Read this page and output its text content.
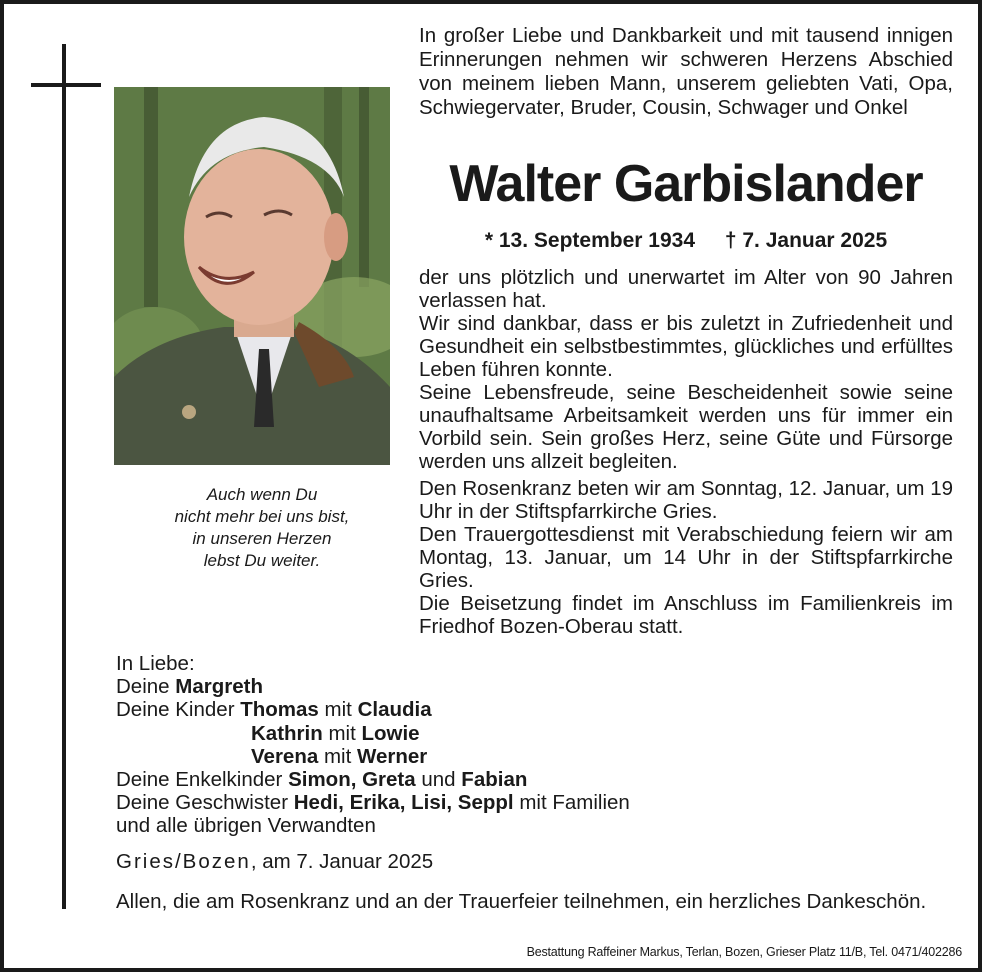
Auch wenn Du
nicht mehr bei uns bist,
in unseren Herzen
lebst Du weiter.
In großer Liebe und Dankbarkeit und mit tausend innigen Erinnerungen nehmen wir schweren Herzens Abschied von meinem lieben Mann, unserem geliebten Vati, Opa, Schwiegervater, Bruder, Cousin, Schwager und Onkel
Walter Garbislander
* 13. September 1934 † 7. Januar 2025

der uns plötzlich und unerwartet im Alter von 90 Jahren verlassen hat.

Wir sind dankbar, dass er bis zuletzt in Zufriedenheit und Gesundheit ein selbstbestimmtes, glückliches und erfülltes Leben führen konnte.

Seine Lebensfreude, seine Bescheidenheit sowie seine unaufhaltsame Arbeitsamkeit werden uns für immer ein Vorbild sein. Sein großes Herz, seine Güte und Fürsorge werden uns allzeit begleiten.

Den Rosenkranz beten wir am Sonntag, 12. Januar, um 19 Uhr in der Stiftspfarrkirche Gries.

Den Trauergottesdienst mit Verabschiedung feiern wir am Montag, 13. Januar, um 14 Uhr in der Stiftspfarrkirche Gries.

Die Beisetzung findet im Anschluss im Familienkreis im Friedhof Bozen-Oberau statt.

In Liebe:
Deine Margreth
Deine Kinder Thomas mit Claudia
Kathrin mit Lowie
Verena mit Werner
Deine Enkelkinder Simon, Greta und Fabian
Deine Geschwister Hedi, Erika, Lisi, Seppl mit Familien
und alle übrigen Verwandten
Gries/Bozen, am 7. Januar 2025
Allen, die am Rosenkranz und an der Trauerfeier teilnehmen, ein herzliches Dankeschön.
Bestattung Raffeiner Markus, Terlan, Bozen, Grieser Platz 11/B, Tel. 0471/402286
